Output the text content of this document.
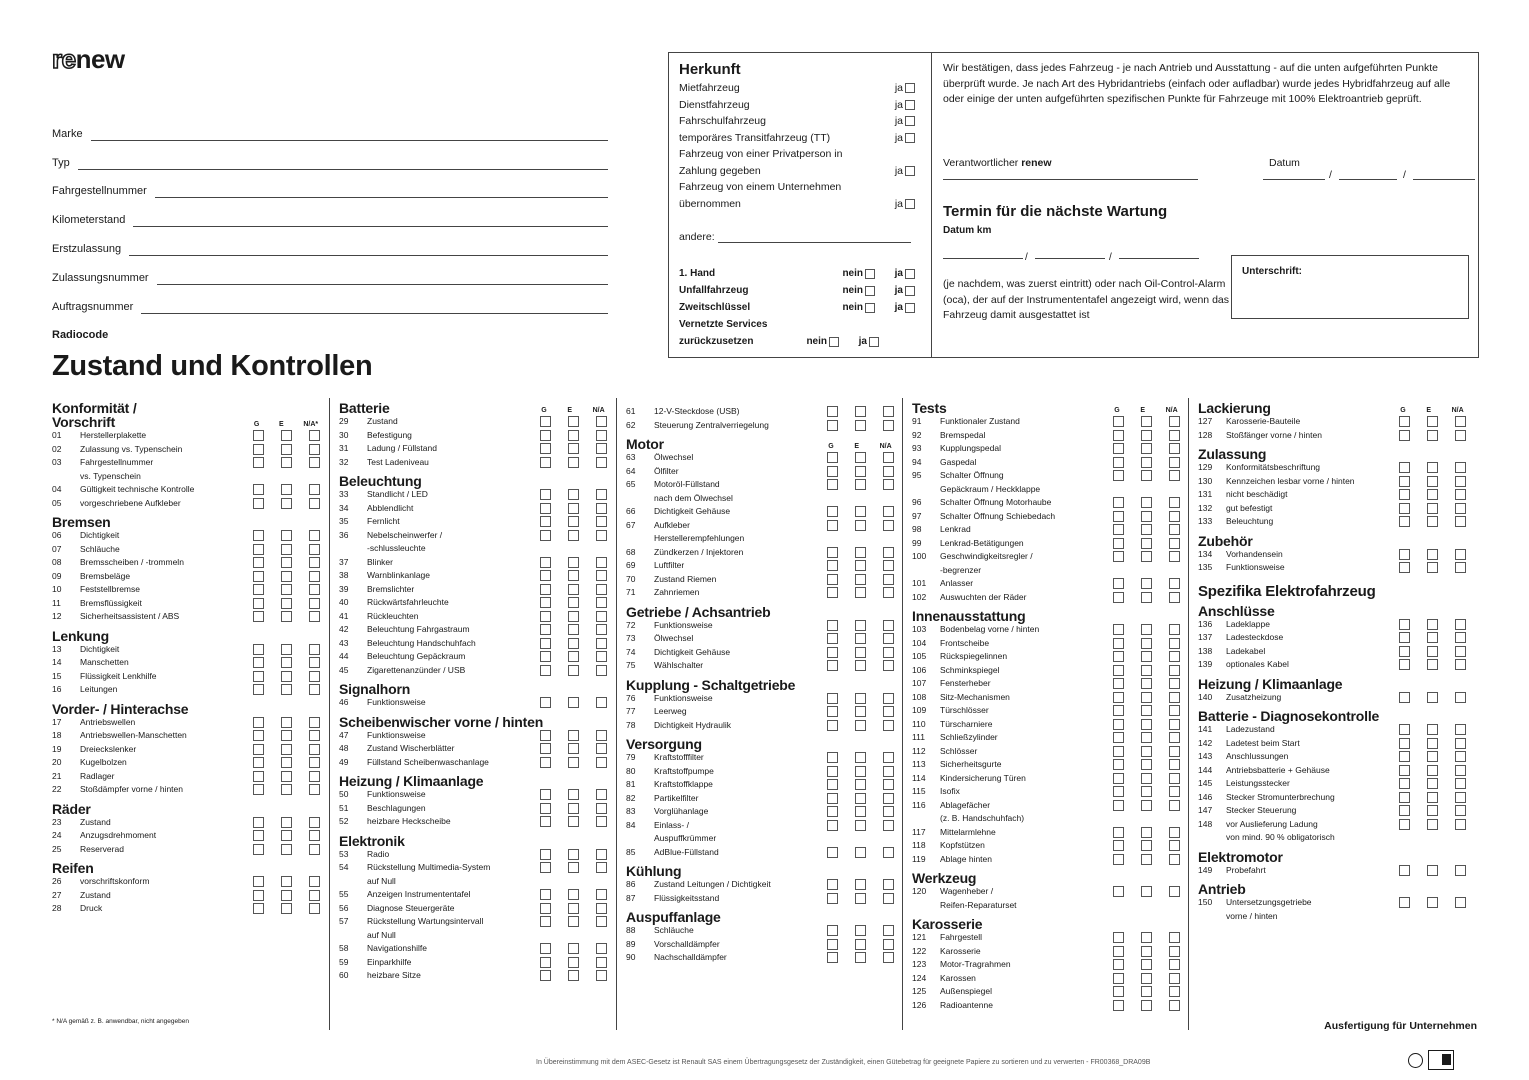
renew
Marke
Typ
Fahrgestellnummer
Kilometerstand
Erstzulassung
Zulassungsnummer
Auftragsnummer
Radiocode
Herkunft
Mietfahrzeug	ja
Dienstfahrzeug	ja
Fahrschulfahrzeug	ja
temporäres Transitfahrzeug (TT)	ja
Fahrzeug von einer Privatperson in Zahlung gegeben	ja
Fahrzeug von einem Unternehmen übernommen	ja
andere:
1. Hand	nein	ja
Unfallfahrzeug	nein	ja
Zweitschlüssel	nein	ja
Vernetzte Services zurückzusetzen	nein	ja
Wir bestätigen, dass jedes Fahrzeug - je nach Antrieb und Ausstattung - auf die unten aufgeführten Punkte überprüft wurde. Je nach Art des Hybridantriebs (einfach oder aufladbar) wurde jedes Hybridfahrzeug auf alle oder einige der unten aufgeführten spezifischen Punkte für Fahrzeuge mit 100% Elektroantrieb geprüft.
Verantwortlicher renew	Datum
/	/
Termin für die nächste Wartung
Datum km
/	/
(je nachdem, was zuerst eintritt) oder nach Oil-Control-Alarm (oca), der auf der Instrumententafel angezeigt wird, wenn das Fahrzeug damit ausgestattet ist
Unterschrift:
Zustand und Kontrollen
Konformität / Vorschrift	G	E	N/A*
01	Herstellerplakette
02	Zulassung vs. Typenschein
03	Fahrgestellnummer
vs. Typenschein
04	Gültigkeit technische Kontrolle
05	vorgeschriebene Aufkleber
Bremsen
06	Dichtigkeit
07	Schläuche
08	Bremsscheiben / -trommeln
09	Bremsbeläge
10	Feststellbremse
11	Bremsflüssigkeit
12	Sicherheitsassistent / ABS
Lenkung
13	Dichtigkeit
14	Manschetten
15	Flüssigkeit Lenkhilfe
16	Leitungen
Vorder- / Hinterachse
17	Antriebswellen
18	Antriebswellen-Manschetten
19	Dreieckslenker
20	Kugelbolzen
21	Radlager
22	Stoßdämpfer vorne / hinten
Räder
23	Zustand
24	Anzugsdrehmoment
25	Reserverad
Reifen
26	vorschriftskonform
27	Zustand
28	Druck
Batterie	G	E	N/A
29	Zustand
30	Befestigung
31	Ladung / Füllstand
32	Test Ladeniveau
Beleuchtung
33	Standlicht / LED
34	Abblendlicht
35	Fernlicht
36	Nebelscheinwerfer /
-schlussleuchte
37	Blinker
38	Warnblinkanlage
39	Bremslichter
40	Rückwärtsfahrleuchte
41	Rückleuchten
42	Beleuchtung Fahrgastraum
43	Beleuchtung Handschuhfach
44	Beleuchtung Gepäckraum
45	Zigarettenanzünder / USB
Signalhorn
46	Funktionsweise
Scheibenwischer vorne / hinten
47	Funktionsweise
48	Zustand Wischerblätter
49	Füllstand Scheibenwaschanlage
Heizung / Klimaanlage
50	Funktionsweise
51	Beschlagungen
52	heizbare Heckscheibe
Elektronik
53	Radio
54	Rückstellung Multimedia-System
auf Null
55	Anzeigen Instrumententafel
56	Diagnose Steuergeräte
57	Rückstellung Wartungsintervall
auf Null
58	Navigationshilfe
59	Einparkhilfe
60	heizbare Sitze
61	12-V-Steckdose (USB)
62	Steuerung Zentralverriegelung
Motor	G	E	N/A
63	Ölwechsel
64	Ölfilter
65	Motoröl-Füllstand
nach dem Ölwechsel
66	Dichtigkeit Gehäuse
67	Aufkleber
Herstellerempfehlungen
68	Zündkerzen / Injektoren
69	Luftfilter
70	Zustand Riemen
71	Zahnriemen
Getriebe / Achsantrieb
72	Funktionsweise
73	Ölwechsel
74	Dichtigkeit Gehäuse
75	Wählschalter
Kupplung - Schaltgetriebe
76	Funktionsweise
77	Leerweg
78	Dichtigkeit Hydraulik
Versorgung
79	Kraftstofffilter
80	Kraftstoffpumpe
81	Kraftstoffklappe
82	Partikelfilter
83	Vorglühanlage
84	Einlass- /
Auspuffkrümmer
85	AdBlue-Füllstand
Kühlung
86	Zustand Leitungen / Dichtigkeit
87	Flüssigkeitsstand
Auspuffanlage
88	Schläuche
89	Vorschalldämpfer
90	Nachschalldämpfer
Tests	G	E	N/A
91	Funktionaler Zustand
92	Bremspedal
93	Kupplungspedal
94	Gaspedal
95	Schalter Öffnung
Gepäckraum / Heckklappe
96	Schalter Öffnung Motorhaube
97	Schalter Öffnung Schiebedach
98	Lenkrad
99	Lenkrad-Betätigungen
100	Geschwindigkeitsregler /
-begrenzer
101	Anlasser
102	Auswuchten der Räder
Innenausstattung
103	Bodenbelag vorne / hinten
104	Frontscheibe
105	Rückspiegelinnen
106	Schminkspiegel
107	Fensterheber
108	Sitz-Mechanismen
109	Türschlösser
110	Türscharniere
111	Schließzylinder
112	Schlösser
113	Sicherheitsgurte
114	Kindersicherung Türen
115	Isofix
116	Ablagefächer
(z. B. Handschuhfach)
117	Mittelarmlehne
118	Kopfstützen
119	Ablage hinten
Werkzeug
120	Wagenheber /
Reifen-Reparaturset
Karosserie
121	Fahrgestell
122	Karosserie
123	Motor-Tragrahmen
124	Karossen
125	Außenspiegel
126	Radioantenne
Lackierung	G	E	N/A
127	Karosserie-Bauteile
128	Stoßfänger vorne / hinten
Zulassung
129	Konformitätsbeschriftung
130	Kennzeichen lesbar vorne / hinten
131	nicht beschädigt
132	gut befestigt
133	Beleuchtung
Zubehör
134	Vorhandensein
135	Funktionsweise
Spezifika Elektrofahrzeug
Anschlüsse
136	Ladeklappe
137	Ladesteckdose
138	Ladekabel
139	optionales Kabel
Heizung / Klimaanlage
140	Zusatzheizung
Batterie - Diagnosekontrolle
141	Ladezustand
142	Ladetest beim Start
143	Anschlussungen
144	Antriebsbatterie + Gehäuse
145	Leistungsstecker
146	Stecker Stromunterbrechung
147	Stecker Steuerung
148	vor Auslieferung Ladung
von mind. 90 % obligatorisch
Elektromotor
149	Probefahrt
Antrieb
150	Untersetzungsgetriebe
vorne / hinten
* N/A gemäß z. B. anwendbar, nicht angegeben	Ausfertigung für Unternehmen
In Übereinstimmung mit dem ASEC-Gesetz ist Renault SAS einem Übertragungsgesetz der Zuständigkeit, einen Gütebetrag für geeignete Papiere zu sortieren und zu verwerten - FR00368_DRA09B
